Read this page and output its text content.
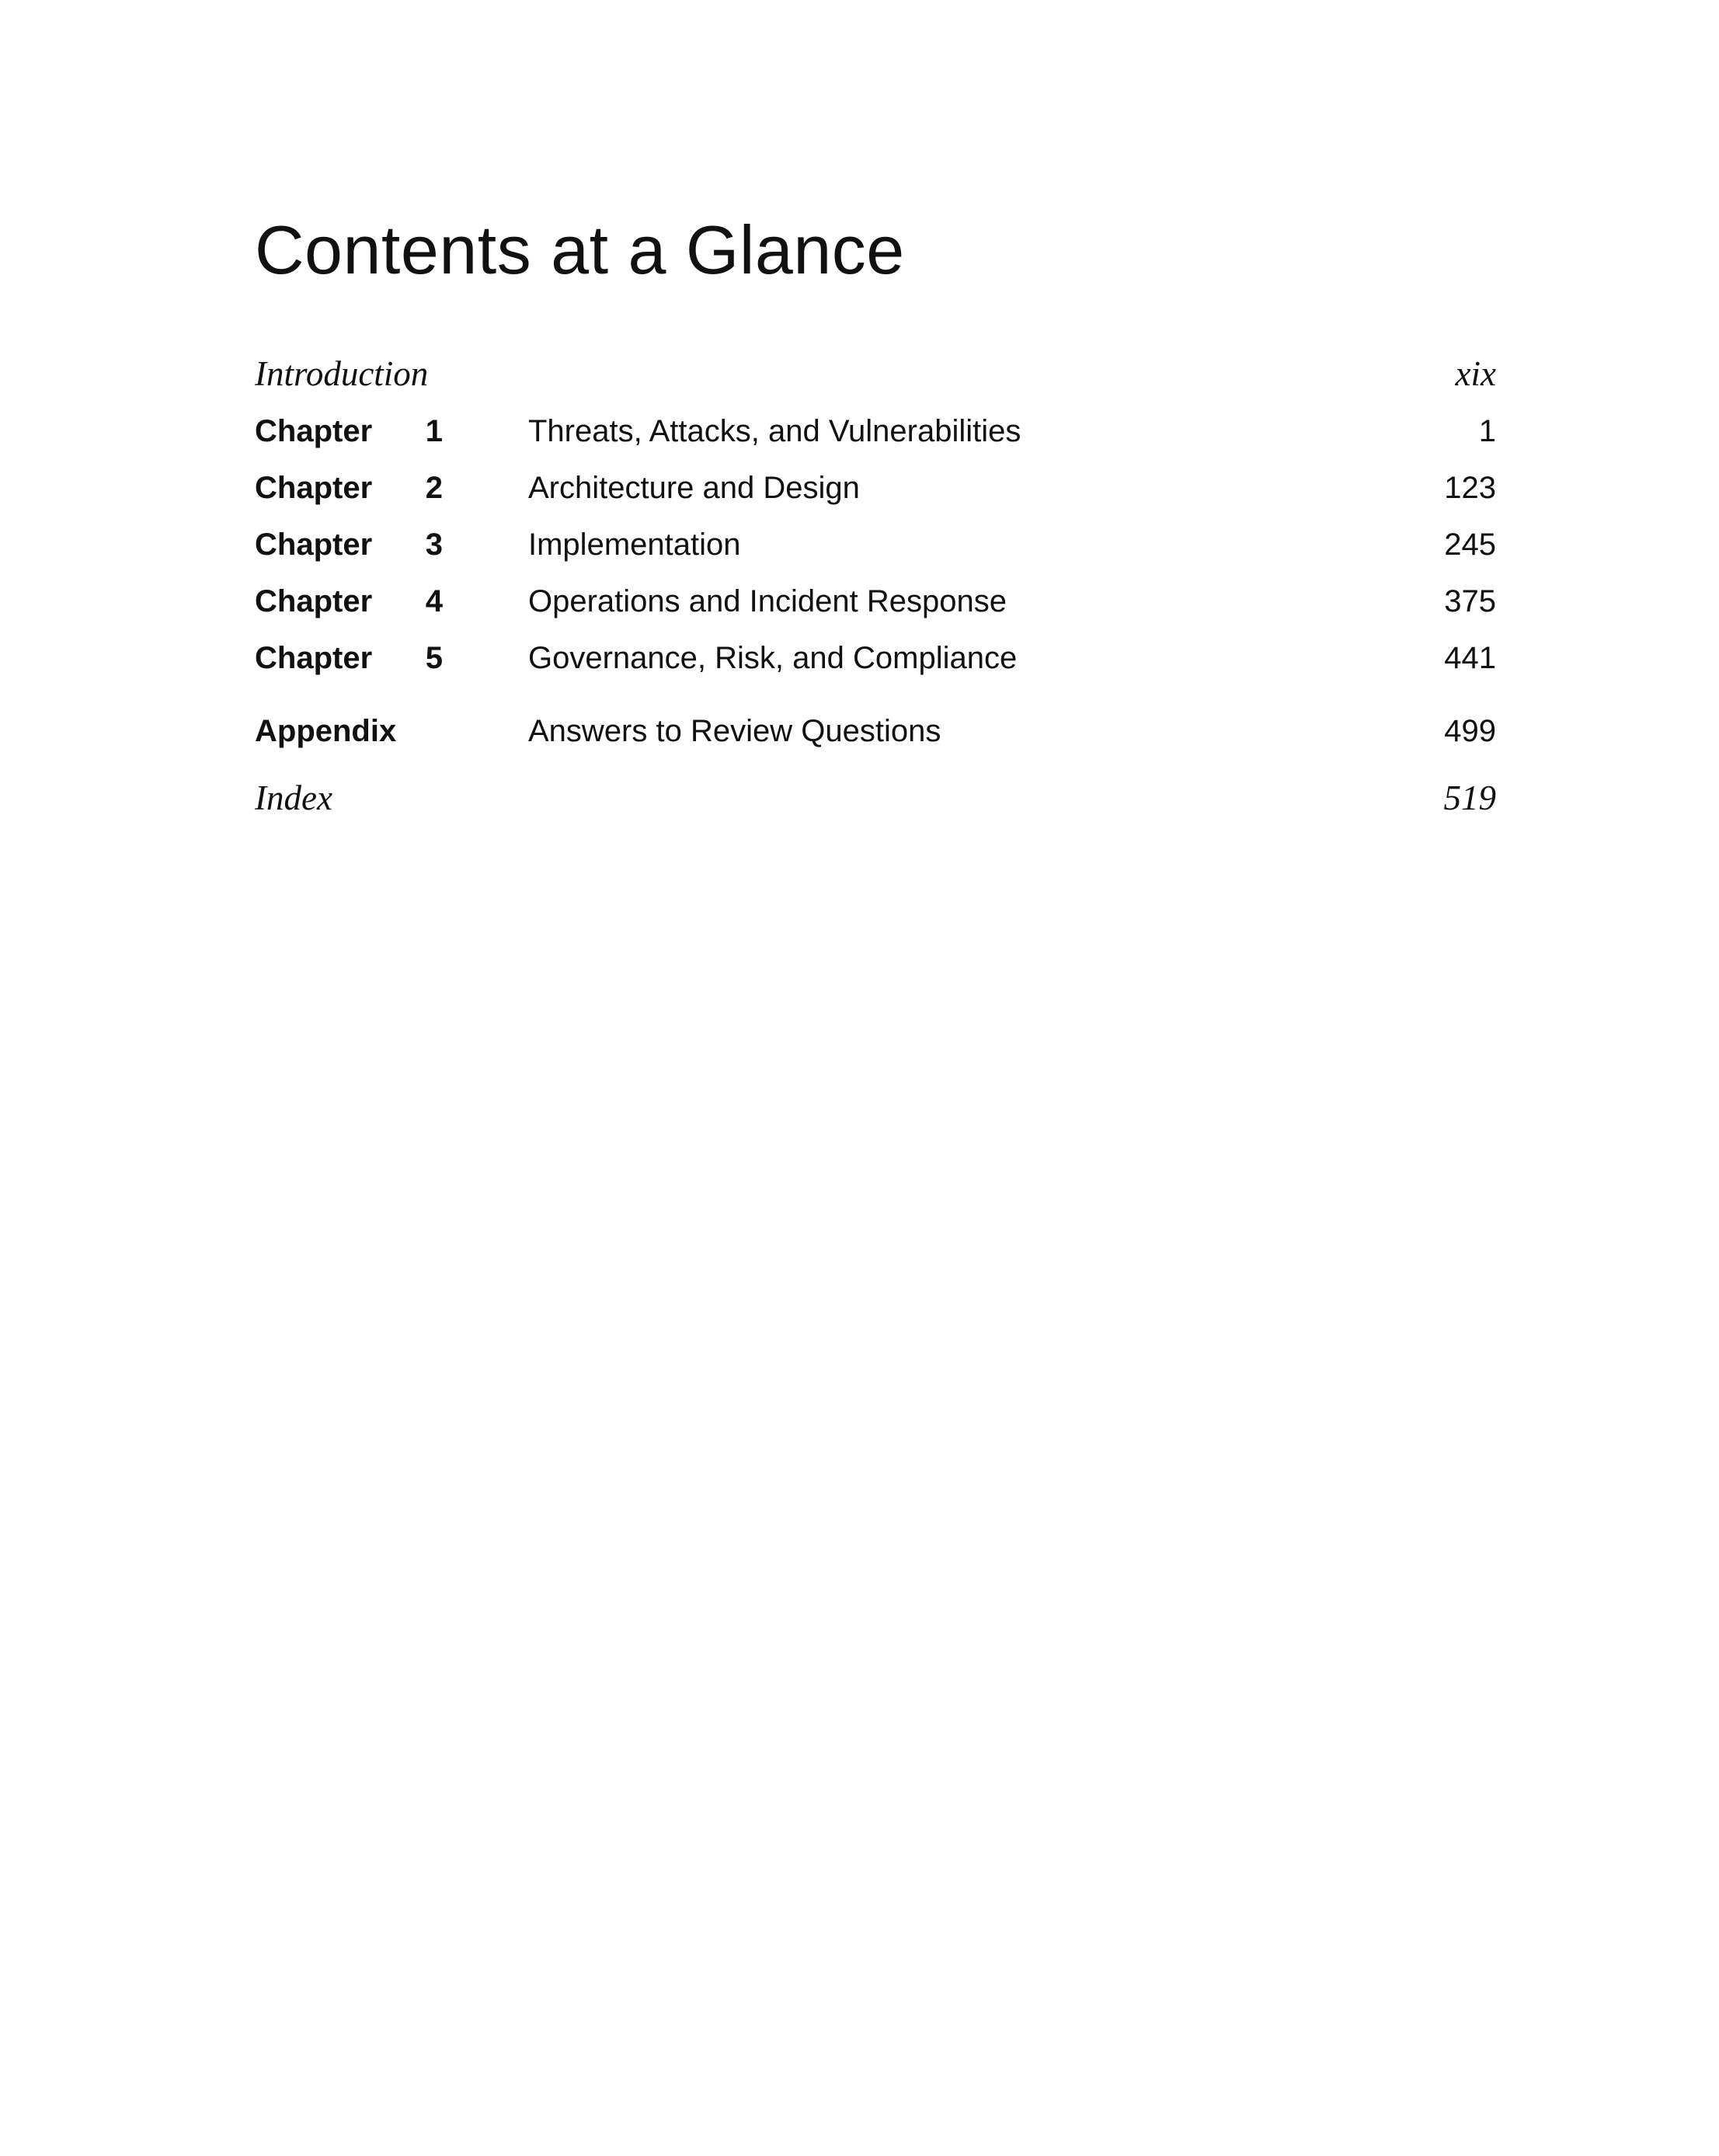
Contents at a Glance
Introduction	xix
Chapter	1	Threats, Attacks, and Vulnerabilities	1
Chapter	2	Architecture and Design	123
Chapter	3	Implementation	245
Chapter	4	Operations and Incident Response	375
Chapter	5	Governance, Risk, and Compliance	441
Appendix	Answers to Review Questions	499
Index	519
